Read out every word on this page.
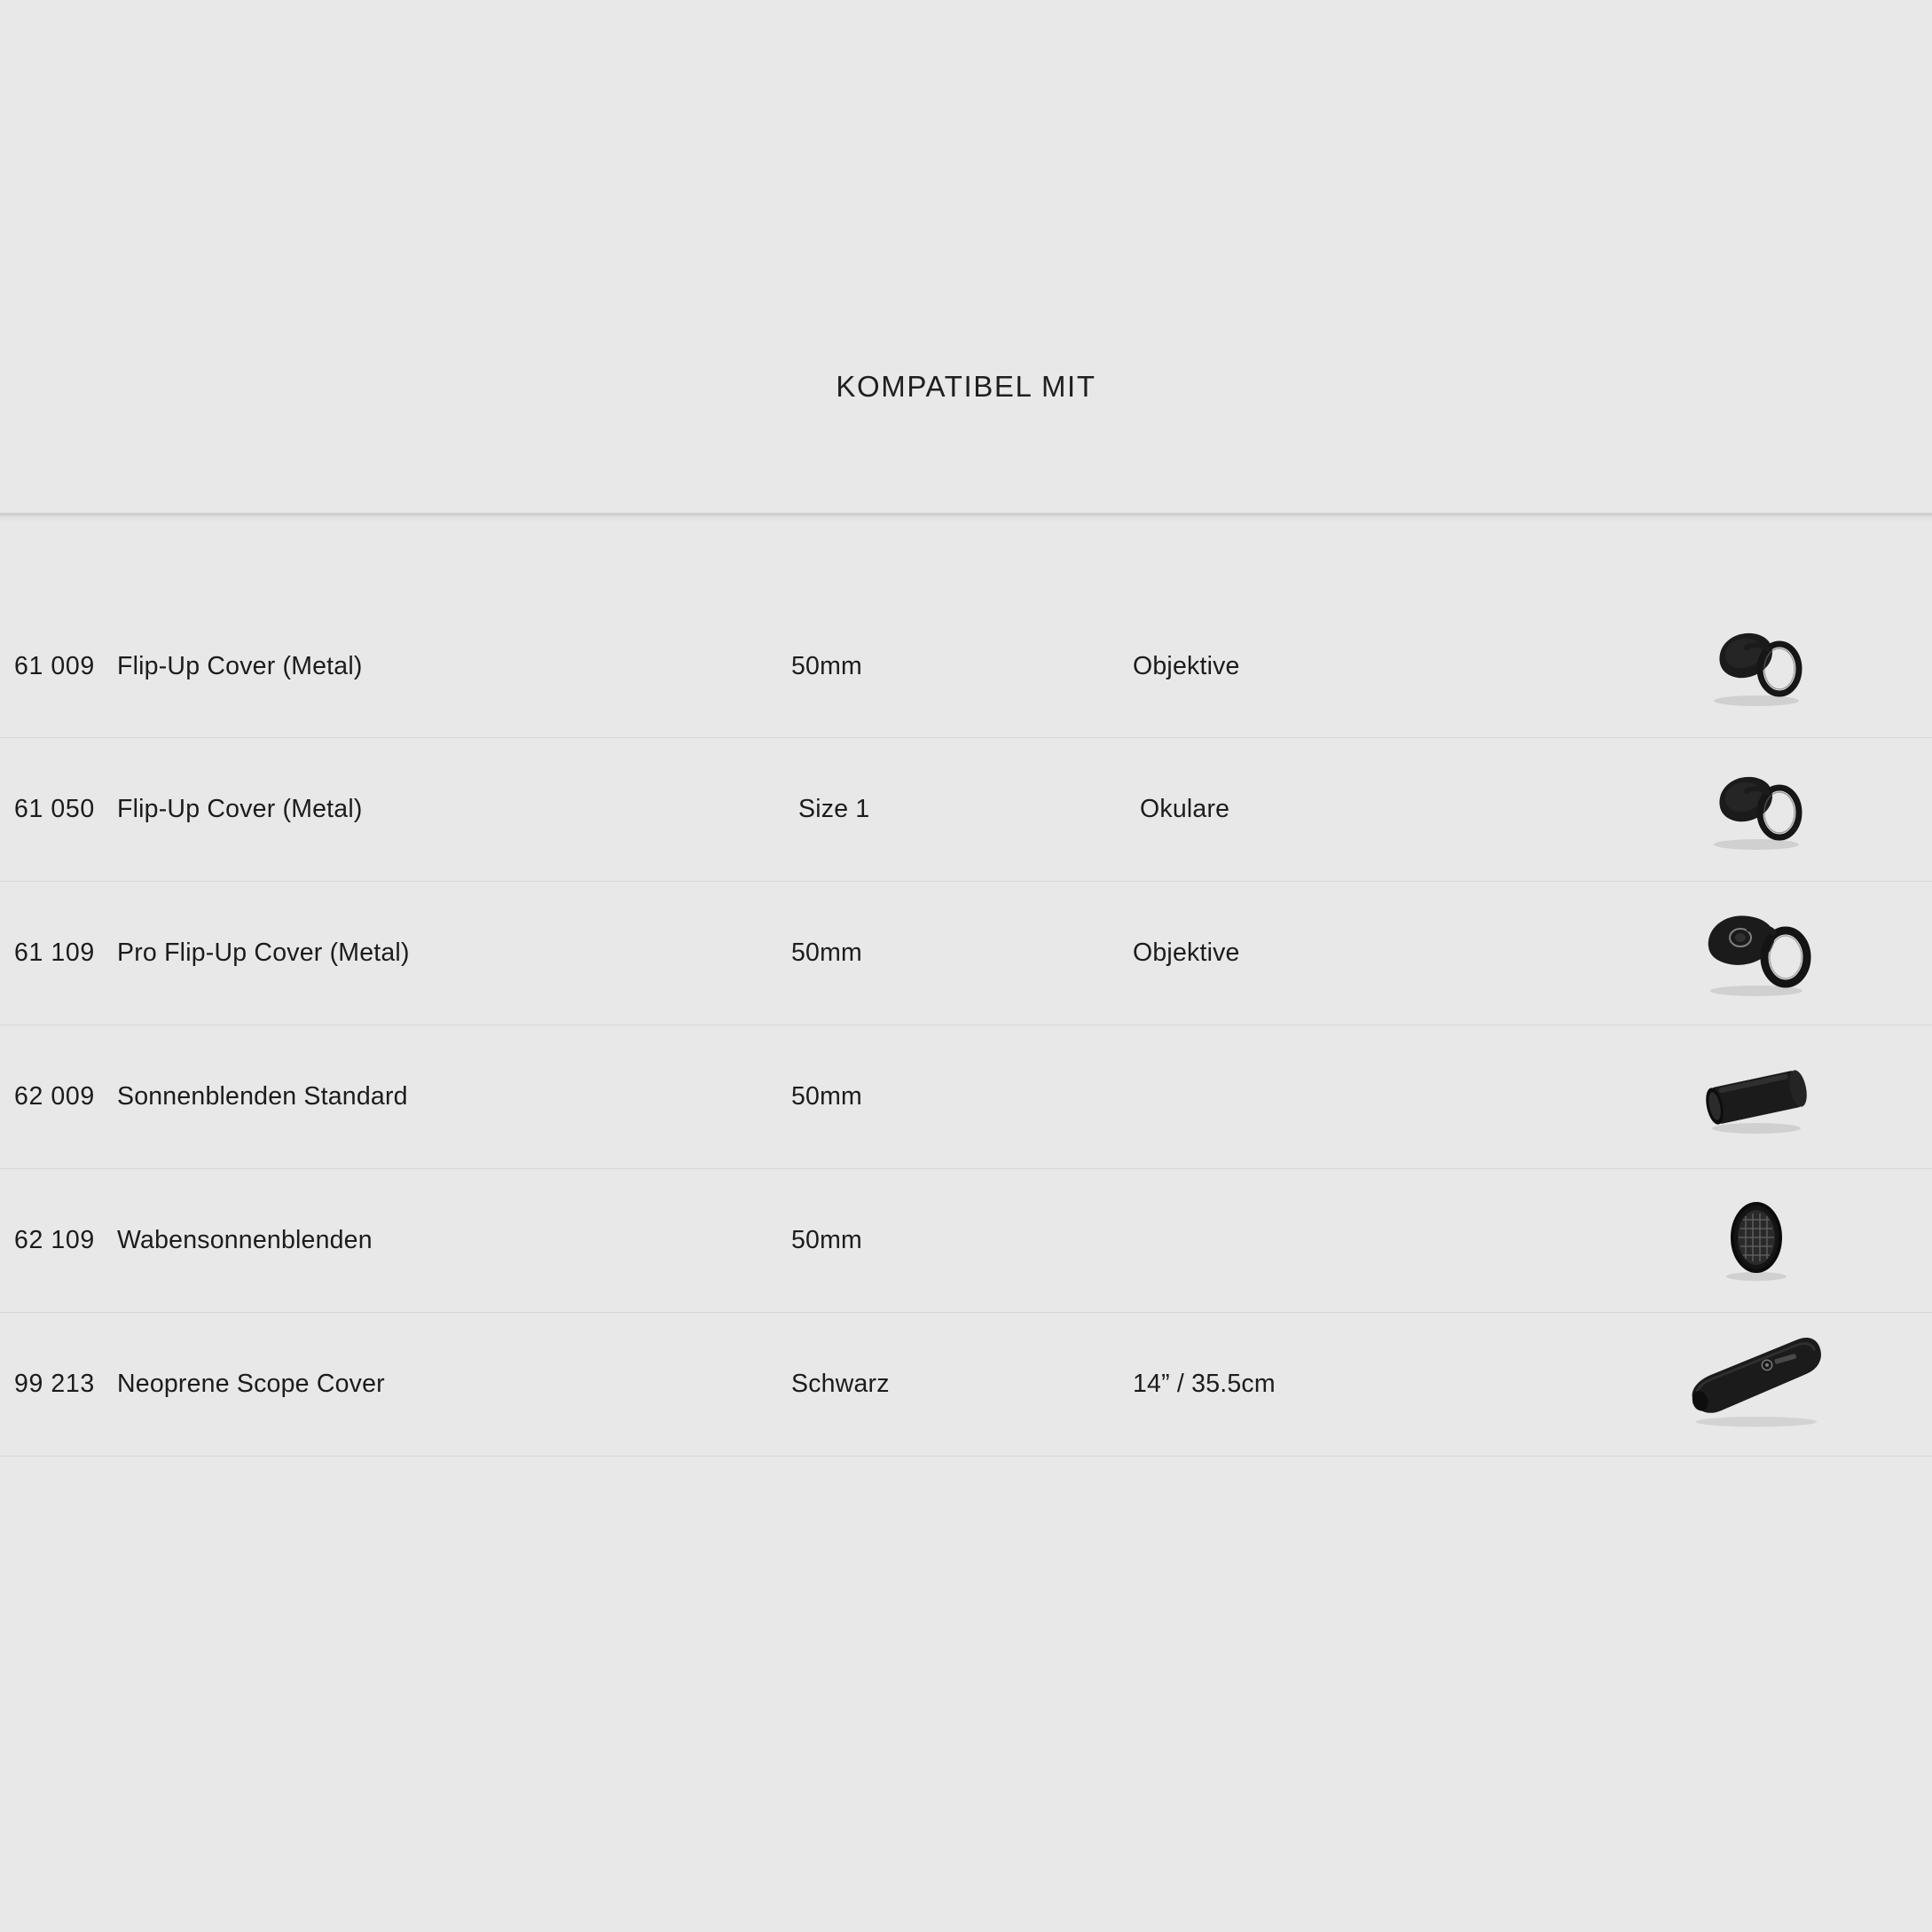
KOMPATIBEL MIT
61 009 Flip-Up Cover (Metal)	50mm	Objektive
61 050 Flip-Up Cover (Metal)	Size 1	Okulare
61 109 Pro Flip-Up Cover (Metal)	50mm	Objektive
62 009 Sonnenblenden Standard	50mm
62 109 Wabensonnenblenden	50mm
99 213 Neoprene Scope Cover	Schwarz	14” / 35.5cm
